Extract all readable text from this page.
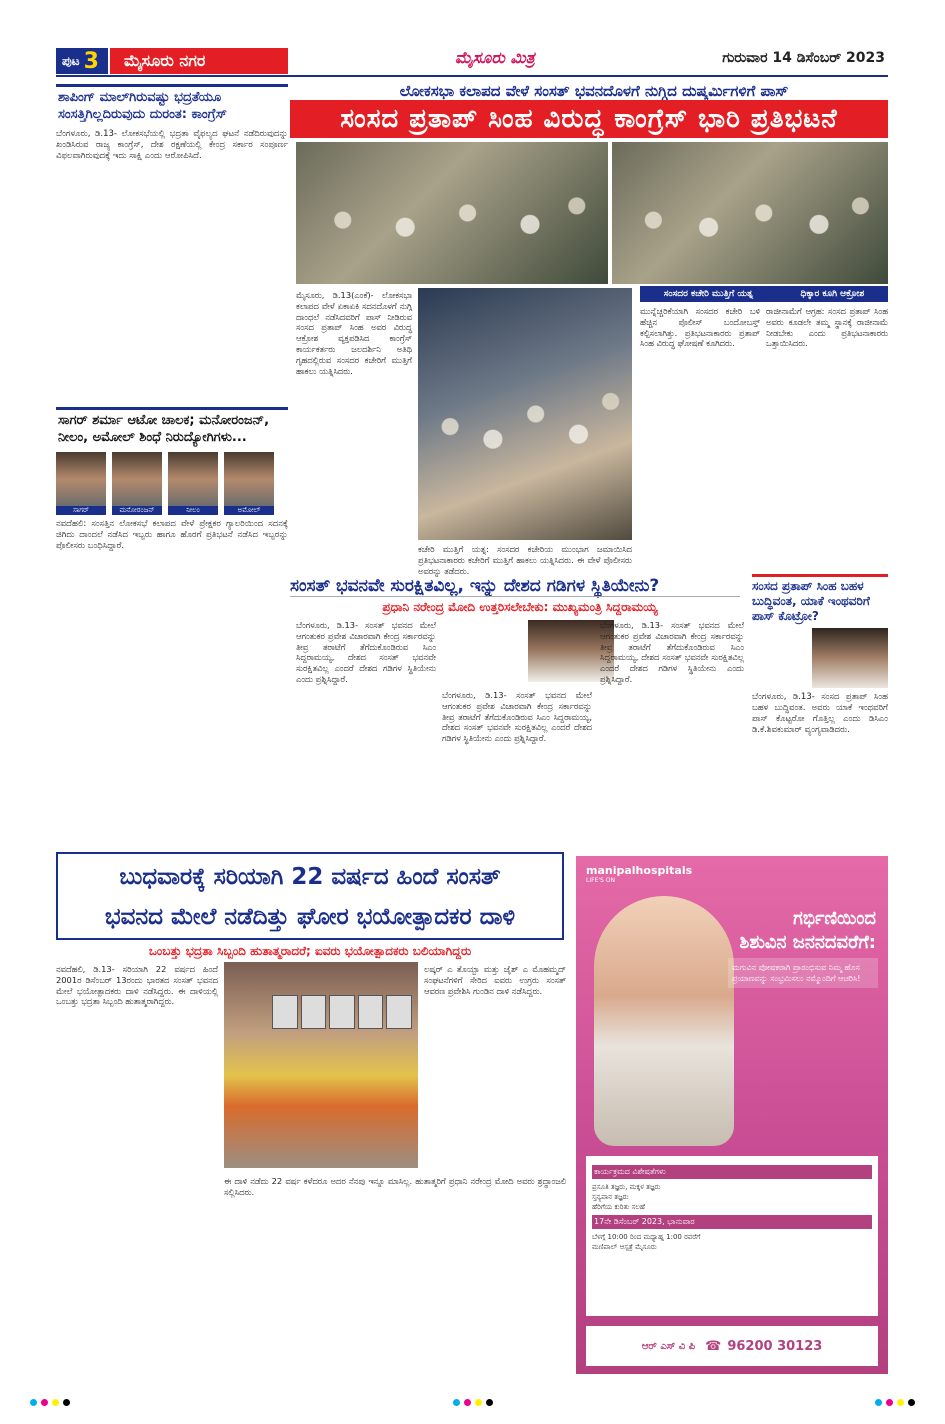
ಪುಟ 3	ಮೈಸೂರು ನಗರ	ಮೈಸೂರು ಮಿತ್ರ	ಗುರುವಾರ 14 ಡಿಸೆಂಬರ್ 2023
ಶಾಪಿಂಗ್ ಮಾಲ್‌ಗಿರುವಷ್ಟು ಭದ್ರತೆಯೂ ಸಂಸತ್ತಿಗಿಲ್ಲದಿರುವುದು ದುರಂತ: ಕಾಂಗ್ರೆಸ್

ಬೆಂಗಳೂರು, ಡಿ.13- ಲೋಕಸಭೆಯಲ್ಲಿ ಭದ್ರತಾ ವೈಫಲ್ಯದ ಘಟನೆ ನಡೆದಿರುವುದನ್ನು ಖಂಡಿಸಿರುವ ರಾಜ್ಯ ಕಾಂಗ್ರೆಸ್, ದೇಶ ರಕ್ಷಣೆಯಲ್ಲಿ ಕೇಂದ್ರ ಸರ್ಕಾರ ಸಂಪೂರ್ಣ ವಿಫಲವಾಗಿರುವುದಕ್ಕೆ ಇದು ಸಾಕ್ಷಿ ಎಂದು ಆರೋಪಿಸಿದೆ.

ಸಾಗರ್ ಶರ್ಮಾ ಆಟೋ ಚಾಲಕ; ಮನೋರಂಜನ್, ನೀಲಂ, ಅಮೋಲ್ ಶಿಂಧೆ ನಿರುದ್ಯೋಗಿಗಳು...
ಸಾಗರ್	ಮನೋರಂಜನ್	ನೀಲಂ	ಅಮೋಲ್

ನವದೆಹಲಿ: ಸಂಸತ್ತಿನ ಲೋಕಸಭೆ ಕಲಾಪದ ವೇಳೆ ಪ್ರೇಕ್ಷಕರ ಗ್ಯಾಲರಿಯಿಂದ ಸದನಕ್ಕೆ ಜಿಗಿದು ದಾಂದಲೆ ನಡೆಸಿದ ಇಬ್ಬರು ಹಾಗೂ ಹೊರಗೆ ಪ್ರತಿಭಟನೆ ನಡೆಸಿದ ಇಬ್ಬರನ್ನು ಪೊಲೀಸರು ಬಂಧಿಸಿದ್ದಾರೆ.

ಲೋಕಸಭಾ ಕಲಾಪದ ವೇಳೆ ಸಂಸತ್ ಭವನದೊಳಗೆ ನುಗ್ಗಿದ ದುಷ್ಕರ್ಮಿಗಳಿಗೆ ಪಾಸ್
ಸಂಸದ ಪ್ರತಾಪ್ ಸಿಂಹ ವಿರುದ್ಧ ಕಾಂಗ್ರೆಸ್ ಭಾರಿ ಪ್ರತಿಭಟನೆ
ಸಂಸದರ ಕಚೇರಿ ಮುತ್ತಿಗೆ ಯತ್ನ	ಧಿಕ್ಕಾರ ಕೂಗಿ ಆಕ್ರೋಶ
ಮೈಸೂರು, ಡಿ.13(ಎಂಕೆ)- ಲೋಕಸಭಾ ಕಲಾಪದ ವೇಳೆ ಏಕಾಏಕಿ ಸದನದೊಳಗೆ ನುಗ್ಗಿ ದಾಂಧಲೆ ನಡೆಸಿದವರಿಗೆ ಪಾಸ್ ನೀಡಿರುವ ಸಂಸದ ಪ್ರತಾಪ್ ಸಿಂಹ ಅವರ ವಿರುದ್ಧ ಆಕ್ರೋಶ ವ್ಯಕ್ತಪಡಿಸಿದ ಕಾಂಗ್ರೆಸ್ ಕಾರ್ಯಕರ್ತರು ಜಲದರ್ಶಿನಿ ಅತಿಥಿ ಗೃಹದಲ್ಲಿರುವ ಸಂಸದರ ಕಚೇರಿಗೆ ಮುತ್ತಿಗೆ ಹಾಕಲು ಯತ್ನಿಸಿದರು.
ಮುನ್ನೆಚ್ಚರಿಕೆಯಾಗಿ ಸಂಸದರ ಕಚೇರಿ ಬಳಿ ಹೆಚ್ಚಿನ ಪೊಲೀಸ್ ಬಂದೋಬಸ್ತ್ ಕಲ್ಪಿಸಲಾಗಿತ್ತು. ಪ್ರತಿಭಟನಾಕಾರರು ಪ್ರತಾಪ್ ಸಿಂಹ ವಿರುದ್ಧ ಘೋಷಣೆ ಕೂಗಿದರು.
ರಾಜೀನಾಮೆಗೆ ಆಗ್ರಹ: ಸಂಸದ ಪ್ರತಾಪ್ ಸಿಂಹ ಅವರು ಕೂಡಲೇ ತಮ್ಮ ಸ್ಥಾನಕ್ಕೆ ರಾಜೀನಾಮೆ ನೀಡಬೇಕು ಎಂದು ಪ್ರತಿಭಟನಾಕಾರರು ಒತ್ತಾಯಿಸಿದರು.
ಕಚೇರಿ ಮುತ್ತಿಗೆ ಯತ್ನ: ಸಂಸದರ ಕಚೇರಿಯ ಮುಂಭಾಗ ಜಮಾಯಿಸಿದ ಪ್ರತಿಭಟನಾಕಾರರು ಕಚೇರಿಗೆ ಮುತ್ತಿಗೆ ಹಾಕಲು ಯತ್ನಿಸಿದರು. ಈ ವೇಳೆ ಪೊಲೀಸರು ಅವರನ್ನು ತಡೆದರು.
ಸಂಸತ್ ಭವನವೇ ಸುರಕ್ಷಿತವಿಲ್ಲ, ಇನ್ನು ದೇಶದ ಗಡಿಗಳ ಸ್ಥಿತಿಯೇನು?
ಪ್ರಧಾನಿ ನರೇಂದ್ರ ಮೋದಿ ಉತ್ತರಿಸಲೇಬೇಕು: ಮುಖ್ಯಮಂತ್ರಿ ಸಿದ್ದರಾಮಯ್ಯ
ಬೆಂಗಳೂರು, ಡಿ.13- ಸಂಸತ್ ಭವನದ ಮೇಲೆ ಆಗಂತುಕರ ಪ್ರವೇಶ ವಿಚಾರವಾಗಿ ಕೇಂದ್ರ ಸರ್ಕಾರವನ್ನು ತೀವ್ರ ತರಾಟೆಗೆ ತೆಗೆದುಕೊಂಡಿರುವ ಸಿಎಂ ಸಿದ್ದರಾಮಯ್ಯ, ದೇಶದ ಸಂಸತ್ ಭವನವೇ ಸುರಕ್ಷಿತವಿಲ್ಲ ಎಂದರೆ ದೇಶದ ಗಡಿಗಳ ಸ್ಥಿತಿಯೇನು ಎಂದು ಪ್ರಶ್ನಿಸಿದ್ದಾರೆ.
ಬೆಂಗಳೂರು, ಡಿ.13- ಸಂಸತ್ ಭವನದ ಮೇಲೆ ಆಗಂತುಕರ ಪ್ರವೇಶ ವಿಚಾರವಾಗಿ ಕೇಂದ್ರ ಸರ್ಕಾರವನ್ನು ತೀವ್ರ ತರಾಟೆಗೆ ತೆಗೆದುಕೊಂಡಿರುವ ಸಿಎಂ ಸಿದ್ದರಾಮಯ್ಯ, ದೇಶದ ಸಂಸತ್ ಭವನವೇ ಸುರಕ್ಷಿತವಿಲ್ಲ ಎಂದರೆ ದೇಶದ ಗಡಿಗಳ ಸ್ಥಿತಿಯೇನು ಎಂದು ಪ್ರಶ್ನಿಸಿದ್ದಾರೆ.
ಬೆಂಗಳೂರು, ಡಿ.13- ಸಂಸತ್ ಭವನದ ಮೇಲೆ ಆಗಂತುಕರ ಪ್ರವೇಶ ವಿಚಾರವಾಗಿ ಕೇಂದ್ರ ಸರ್ಕಾರವನ್ನು ತೀವ್ರ ತರಾಟೆಗೆ ತೆಗೆದುಕೊಂಡಿರುವ ಸಿಎಂ ಸಿದ್ದರಾಮಯ್ಯ, ದೇಶದ ಸಂಸತ್ ಭವನವೇ ಸುರಕ್ಷಿತವಿಲ್ಲ ಎಂದರೆ ದೇಶದ ಗಡಿಗಳ ಸ್ಥಿತಿಯೇನು ಎಂದು ಪ್ರಶ್ನಿಸಿದ್ದಾರೆ.
ಸಂಸದ ಪ್ರತಾಪ್ ಸಿಂಹ ಬಹಳ ಬುದ್ಧಿವಂತ, ಯಾಕೆ ಇಂಥವರಿಗೆ ಪಾಸ್ ಕೊಟ್ರೋ?
ಬೆಂಗಳೂರು, ಡಿ.13- ಸಂಸದ ಪ್ರತಾಪ್ ಸಿಂಹ ಬಹಳ ಬುದ್ಧಿವಂತ. ಅವರು ಯಾಕೆ ಇಂಥವರಿಗೆ ಪಾಸ್ ಕೊಟ್ಟರೋ ಗೊತ್ತಿಲ್ಲ ಎಂದು ಡಿಸಿಎಂ ಡಿ.ಕೆ.ಶಿವಕುಮಾರ್ ವ್ಯಂಗ್ಯವಾಡಿದರು.
ಬುಧವಾರಕ್ಕೆ ಸರಿಯಾಗಿ 22 ವರ್ಷದ ಹಿಂದೆ ಸಂಸತ್
ಭವನದ ಮೇಲೆ ನಡೆದಿತ್ತು ಘೋರ ಭಯೋತ್ಪಾದಕರ ದಾಳಿ
ಒಂಬತ್ತು ಭದ್ರತಾ ಸಿಬ್ಬಂದಿ ಹುತಾತ್ಮರಾದರೆ; ಐವರು ಭಯೋತ್ಪಾದಕರು ಬಲಿಯಾಗಿದ್ದರು
ನವದೆಹಲಿ, ಡಿ.13- ಸರಿಯಾಗಿ 22 ವರ್ಷದ ಹಿಂದೆ 2001ರ ಡಿಸೆಂಬರ್ 13ರಂದು ಭಾರತದ ಸಂಸತ್ ಭವನದ ಮೇಲೆ ಭಯೋತ್ಪಾದಕರು ದಾಳಿ ನಡೆಸಿದ್ದರು. ಈ ದಾಳಿಯಲ್ಲಿ ಒಂಬತ್ತು ಭದ್ರತಾ ಸಿಬ್ಬಂದಿ ಹುತಾತ್ಮರಾಗಿದ್ದರು.
ಲಷ್ಕರ್ ಎ ತೊಯ್ಬಾ ಮತ್ತು ಜೈಶ್ ಎ ಮೊಹಮ್ಮದ್ ಸಂಘಟನೆಗಳಿಗೆ ಸೇರಿದ ಐವರು ಉಗ್ರರು ಸಂಸತ್ ಆವರಣ ಪ್ರವೇಶಿಸಿ ಗುಂಡಿನ ದಾಳಿ ನಡೆಸಿದ್ದರು.
ಈ ದಾಳಿ ನಡೆದು 22 ವರ್ಷ ಕಳೆದರೂ ಅದರ ನೆನಪು ಇನ್ನೂ ಮಾಸಿಲ್ಲ. ಹುತಾತ್ಮರಿಗೆ ಪ್ರಧಾನಿ ನರೇಂದ್ರ ಮೋದಿ ಅವರು ಶ್ರದ್ಧಾಂಜಲಿ ಸಲ್ಲಿಸಿದರು.
manipalhospitals
LIFE'S ON
ಗರ್ಭಿಣಿಯಿಂದ
ಶಿಶುವಿನ ಜನನದವರೆಗೆ:
ಮಗುವಿನ ಪೋಷಕರಾಗಿ ಪ್ರಾರಂಭಿಸುವ ನಿಮ್ಮ ಹೊಸ ಪ್ರಯಾಣವನ್ನು ಸಂಭ್ರಮಿಸಲು ನಮ್ಮೊಂದಿಗೆ ಆಚರಿಸಿ!
ಕಾರ್ಯಕ್ರಮದ ವಿಶೇಷತೆಗಳು
ಪ್ರಸೂತಿ ತಜ್ಞರು, ಮಕ್ಕಳ ತಜ್ಞರು
ಸ್ತನ್ಯಪಾನ ತಜ್ಞರು
ಹೆರಿಗೆಯ ಕುರಿತು ಸಲಹೆ
17ನೇ ಡಿಸೆಂಬರ್ 2023, ಭಾನುವಾರ
ಬೆಳಗ್ಗೆ 10:00 ರಿಂದ ಮಧ್ಯಾಹ್ನ 1:00 ರವರೆಗೆ
ಮಣಿಪಾಲ್ ಆಸ್ಪತ್ರೆ ಮೈಸೂರು
ಆರ್ ಎಸ್ ವಿ ಪಿ ☎ 96200 30123
